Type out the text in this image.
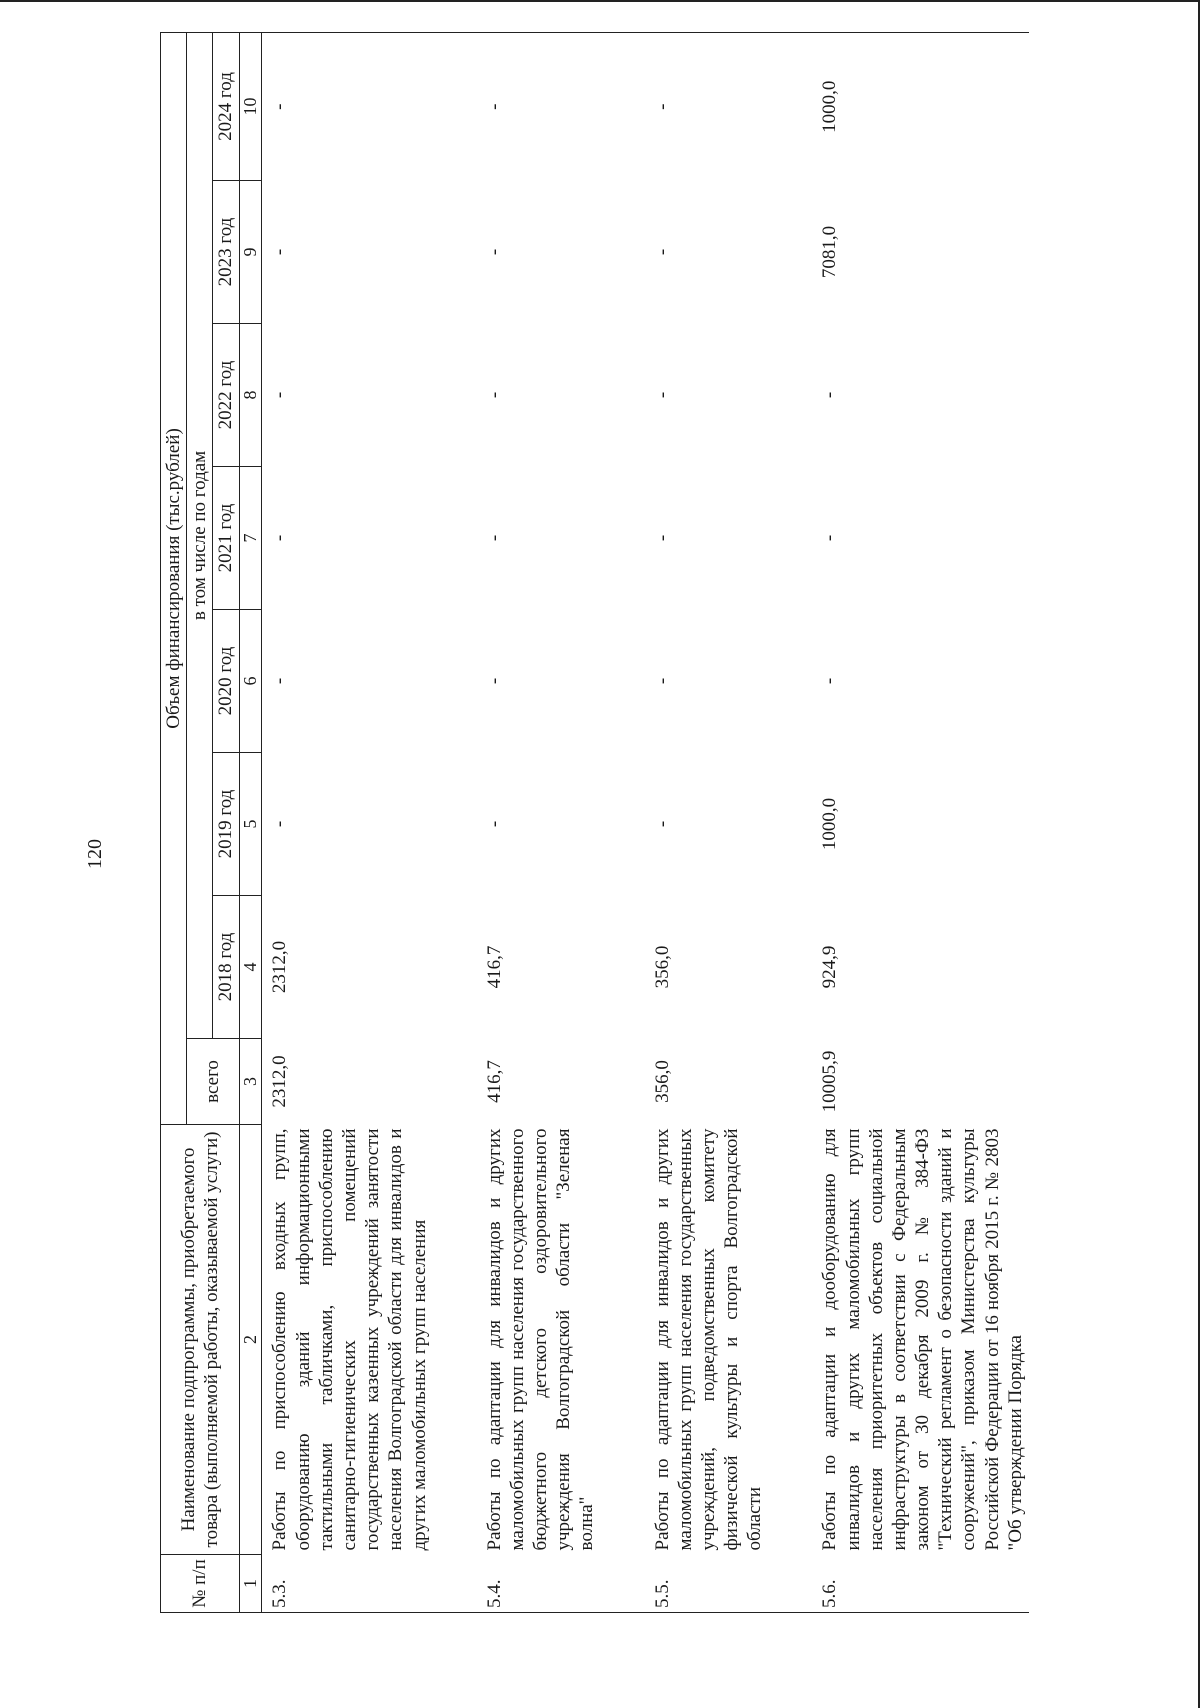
120
№ п/п	Наименование подпрограммы, приобретаемого товара (выполняемой работы, оказываемой услуги)	Объем финансирования (тыс.рублей)							
		всего	в том числе по годам						
			2018 год	2019 год	2020 год	2021 год	2022 год	2023 год	2024 год
1	2	3	4	5	6	7	8	9	10
5.3.	Работы по приспособлению входных групп, оборудованию зданий информационными тактильными табличками, приспособлению санитарно-гигиенических помещений государственных казенных учреждений занятости населения Волгоградской области для инвалидов и других маломобильных групп населения	2312,0	2312,0	-	-	-	-	-	-
5.4.	Работы по адаптации для инвалидов и других маломобильных групп населения государственного бюджетного детского оздоровительного учреждения Волгоградской области "Зеленая волна"	416,7	416,7	-	-	-	-	-	-
5.5.	Работы по адаптации для инвалидов и других маломобильных групп населения государственных учреждений, подведомственных комитету физической культуры и спорта Волгоградской области	356,0	356,0	-	-	-	-	-	-
5.6.	Работы по адаптации и дооборудованию для инвалидов и других маломобильных групп населения приоритетных объектов социальной инфраструктуры в соответствии с Федеральным законом от 30 декабря 2009 г. № 384-ФЗ "Технический регламент о безопасности зданий и сооружений", приказом Министерства культуры Российской Федерации от 16 ноября 2015 г. № 2803 "Об утверждении Порядка	10005,9	924,9	1000,0	-	-	-	7081,0	1000,0
